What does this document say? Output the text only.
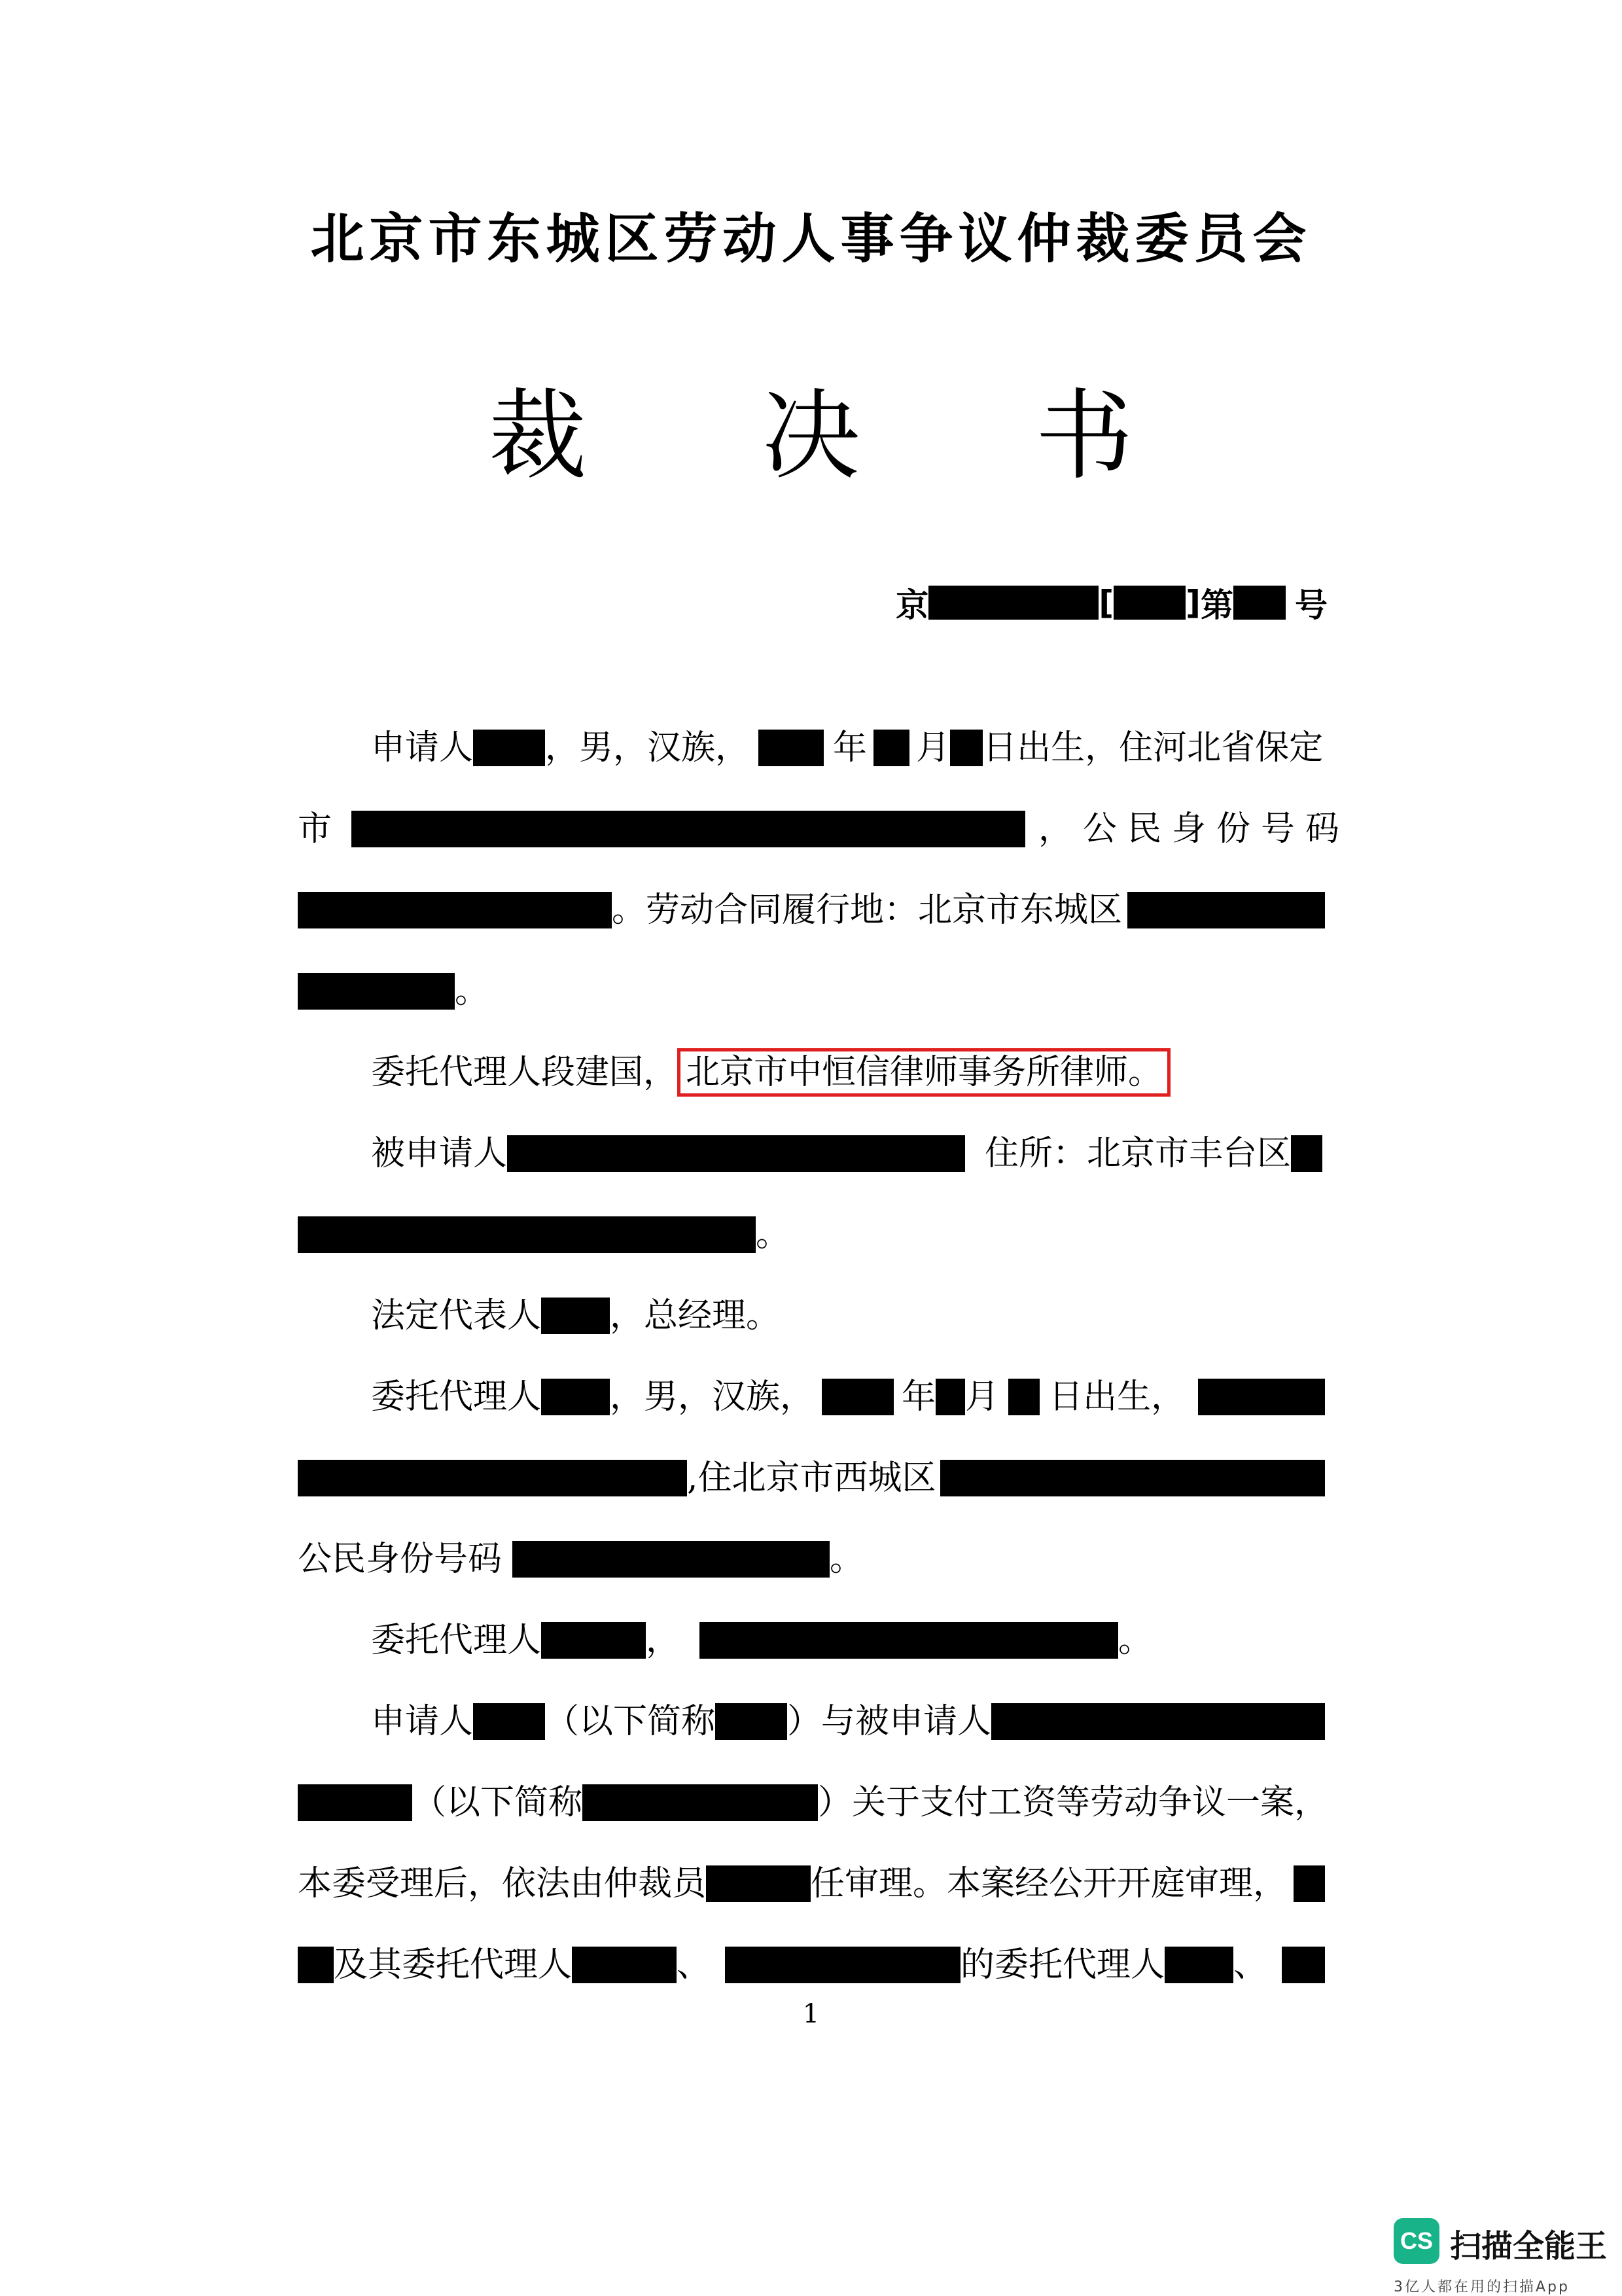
北京市东城区劳动人事争议仲裁委员会
裁 决 书
京	[ ] 第 号
申请人 ，男，汉族， 年 月 日出生，住河北省保定
市	，公民身份号码
。劳动合同履行地：北京市东城区
。
委托代理人段建国， 北京市中恒信律师事务所律师。
被申请人	住所：北京市丰台区
。
法定代表人 ，总经理。
委托代理人 ，男，汉族，	年 月 日出生，
,住北京市西城区
公民身份号码	。
委托代理人	，	。
申请人 （以下简称 ）与被申请人
（以下简称	）关于支付工资等劳动争议一案，
本委受理后，依法由仲裁员	任审理。本案经公开开庭审理，
及其委托代理人	、	的委托代理人 、
1
CS 扫描全能王
3亿人都在用的扫描App
